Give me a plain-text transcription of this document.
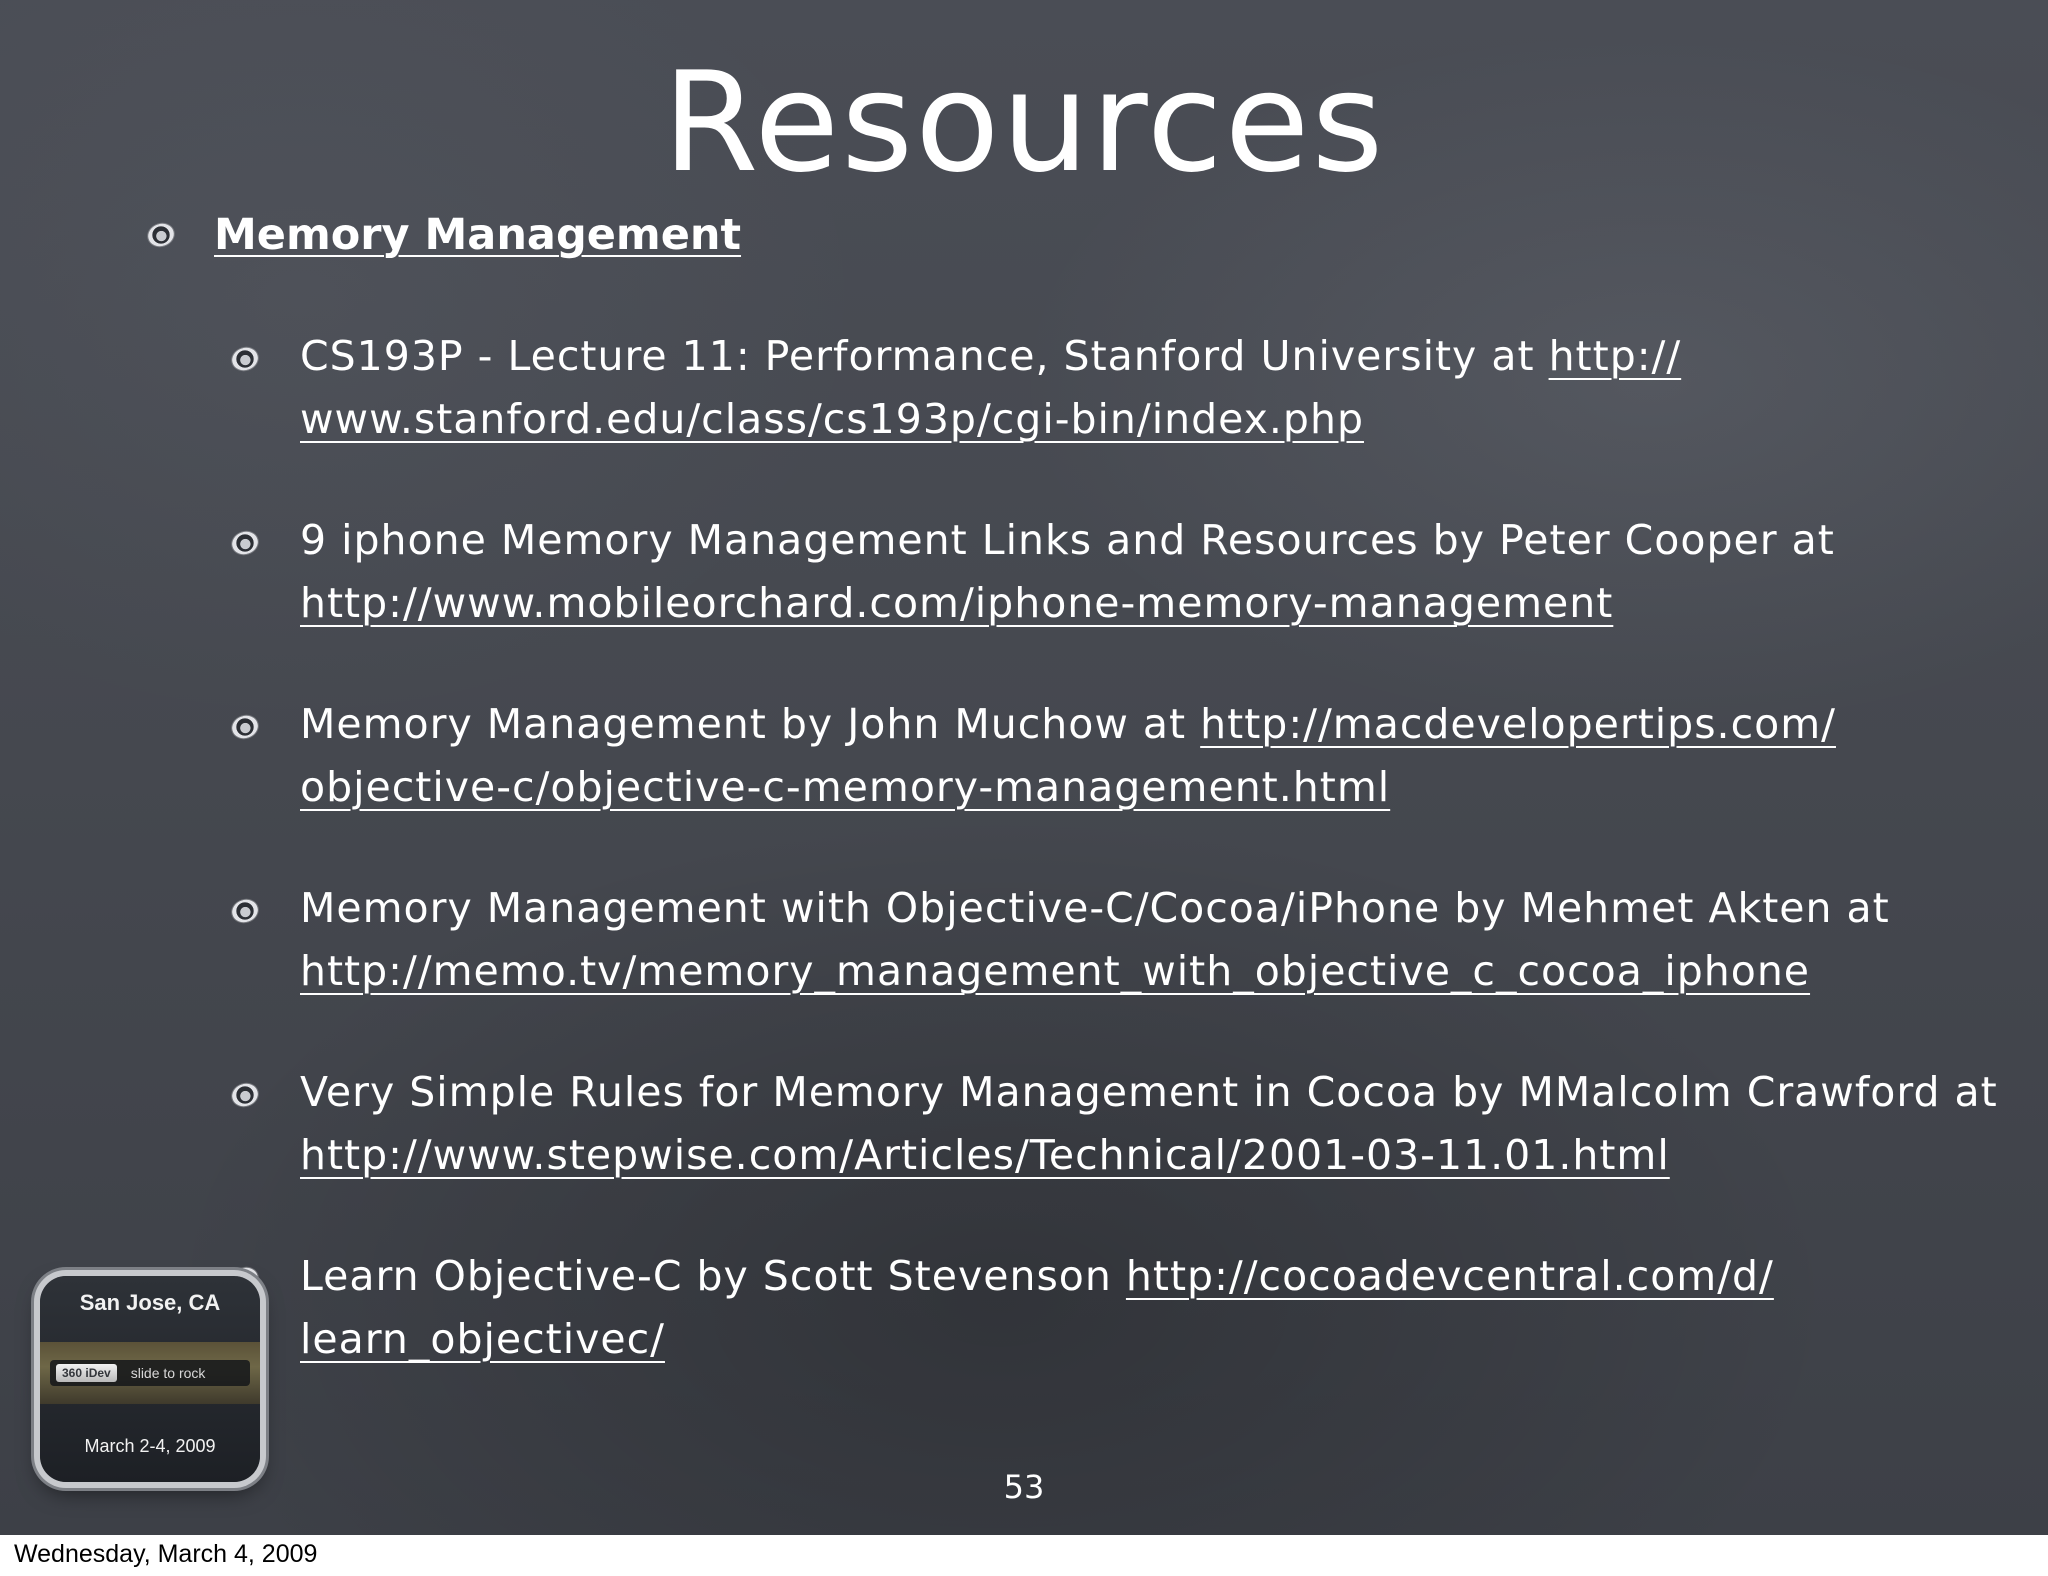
Resources
Memory Management
CS193P - Lecture 11: Performance, Stanford University at http:// www.stanford.edu/class/cs193p/cgi-bin/index.php
9 iphone Memory Management Links and Resources by Peter Cooper at http://www.mobileorchard.com/iphone-memory-management
Memory Management by John Muchow at http://macdevelopertips.com/ objective-c/objective-c-memory-management.html
Memory Management with Objective-C/Cocoa/iPhone by Mehmet Akten at http://memo.tv/memory_management_with_objective_c_cocoa_iphone
Very Simple Rules for Memory Management in Cocoa by MMalcolm Crawford at http://www.stepwise.com/Articles/Technical/2001-03-11.01.html
Learn Objective-C by Scott Stevenson http://cocoadevcentral.com/d/ learn_objectivec/
San Jose, CA
360 iDev	slide to rock
March 2-4, 2009
53
Wednesday, March 4, 2009
